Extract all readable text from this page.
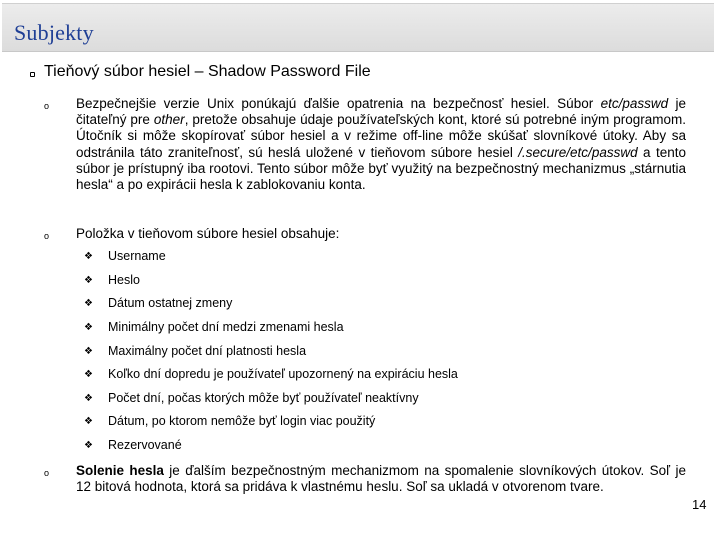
Subjekty
Tieňový súbor hesiel – Shadow Password File
o Bezpečnejšie verzie Unix ponúkajú ďalšie opatrenia na bezpečnosť hesiel. Súbor etc/passwd je čitateľný pre other, pretože obsahuje údaje používateľských kont, ktoré sú potrebné iným programom. Útočník si môže skopírovať súbor hesiel a v režime off-line môže skúšať slovníkové útoky. Aby sa odstránila táto zraniteľnosť, sú heslá uložené v tieňovom súbore hesiel /.secure/etc/passwd a tento súbor je prístupný iba rootovi. Tento súbor môže byť využitý na bezpečnostný mechanizmus „stárnutia hesla“ a po expirácii hesla k zablokovaniu konta.
o Položka v tieňovom súbore hesiel obsahuje:
❖ Username
❖ Heslo
❖ Dátum ostatnej zmeny
❖ Minimálny počet dní medzi zmenami hesla
❖ Maximálny počet dní platnosti hesla
❖ Koľko dní dopredu je používateľ upozornený na expiráciu hesla
❖ Počet dní, počas ktorých môže byť používateľ neaktívny
❖ Dátum, po ktorom nemôže byť login viac použitý
❖ Rezervované
o Solenie hesla je ďalším bezpečnostným mechanizmom na spomalenie slovníkových útokov. Soľ je 12 bitová hodnota, ktorá sa pridáva k vlastnému heslu. Soľ sa ukladá v otvorenom tvare.
14
